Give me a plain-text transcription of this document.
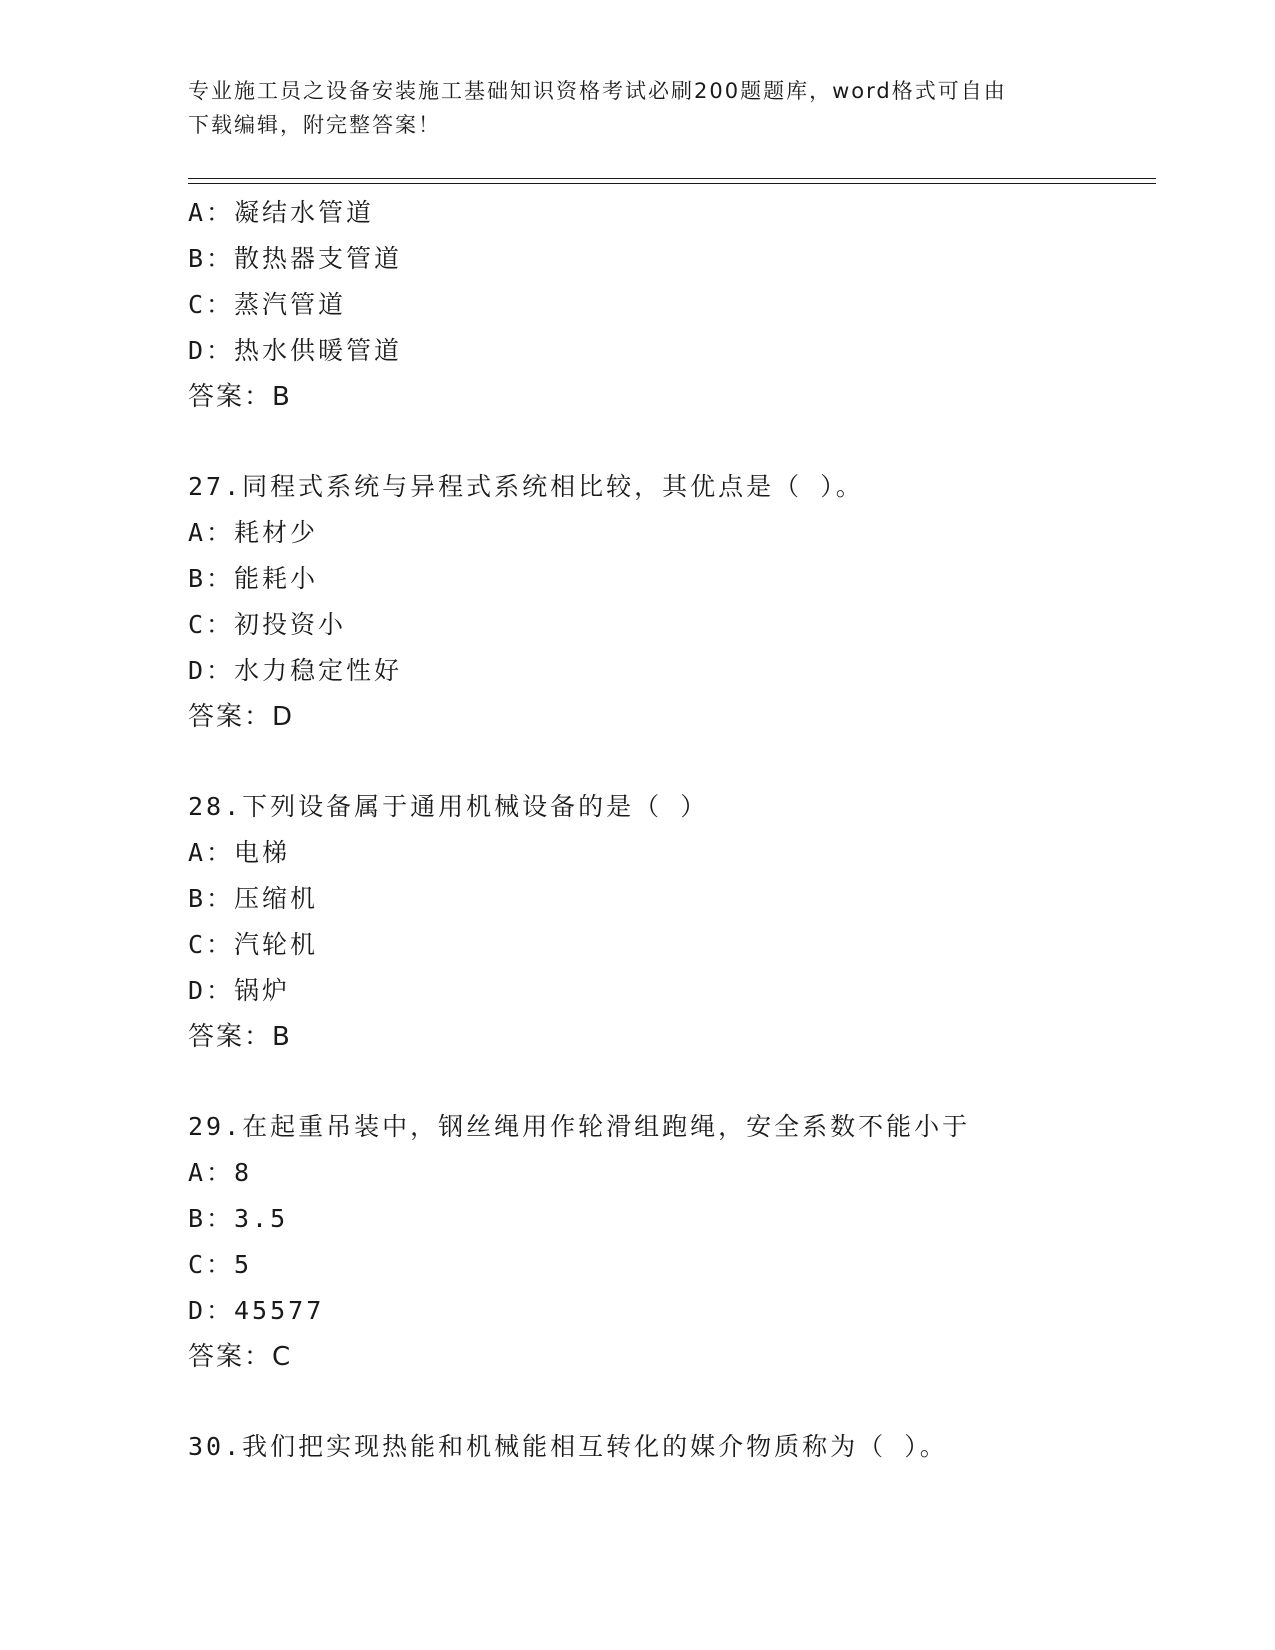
专业施工员之设备安装施工基础知识资格考试必刷200题题库，word格式可自由
下载编辑，附完整答案！
A：凝结水管道
B：散热器支管道
C：蒸汽管道
D：热水供暖管道
答案：B
27.同程式系统与异程式系统相比较，其优点是（ ）。
A：耗材少
B：能耗小
C：初投资小
D：水力稳定性好
答案：D
28.下列设备属于通用机械设备的是（ ）
A：电梯
B：压缩机
C：汽轮机
D：锅炉
答案：B
29.在起重吊装中，钢丝绳用作轮滑组跑绳，安全系数不能小于
A：8
B：3.5
C：5
D：45577
答案：C
30.我们把实现热能和机械能相互转化的媒介物质称为（ ）。
